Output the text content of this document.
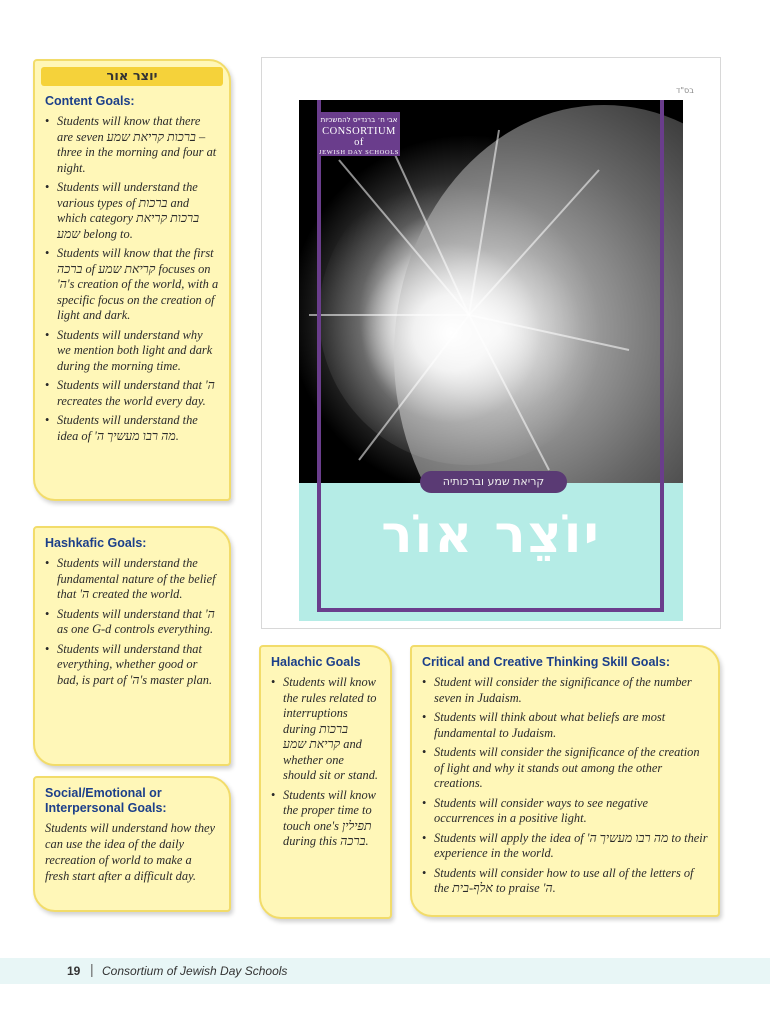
יוצר אור
Content Goals:
• Students will know that there are seven ברכות קריאת שמע – three in the morning and four at night.
• Students will understand the various types of ברכות and which category ברכות קריאת שמע belong to.
• Students will know that the first ברכה of קריאת שמע focuses on 'ה's creation of the world, with a specific focus on the creation of light and dark.
• Students will understand why we mention both light and dark during the morning time.
• Students will understand that 'ה recreates the world every day.
• Students will understand the idea of 'מה רבו מעשיך ה.
Hashkafic Goals:
• Students will understand the fundamental nature of the belief that 'ה created the world.
• Students will understand that 'ה as one G-d controls everything.
• Students will understand that everything, whether good or bad, is part of 'ה's master plan.
Social/Emotional or Interpersonal Goals:

Students will understand how they can use the idea of the daily recreation of world to make a fresh start after a difficult day.

Halachic Goals
• Students will know the rules related to interruptions during ברכות קריאת שמע and whether one should sit or stand.
• Students will know the proper time to touch one's תפילין during this ברכה.
Critical and Creative Thinking Skill Goals:
• Student will consider the significance of the number seven in Judaism.
• Students will think about what beliefs are most fundamental to Judaism.
• Students will consider the significance of the creation of light and why it stands out among the other creations.
• Students will consider ways to see negative occurrences in a positive light.
• Students will apply the idea of 'מה רבו מעשיך ה to their experience in the world.
• Students will consider how to use all of the letters of the אלף-בית to praise 'ה.
בס"ד
אבי ח׳ ברנדייס להמשכיות
CONSORTIUM of
JEWISH DAY SCHOOLS
קריאת שמע וברכותיה
יוֹצֵר אוֹר
19 | Consortium of Jewish Day Schools
